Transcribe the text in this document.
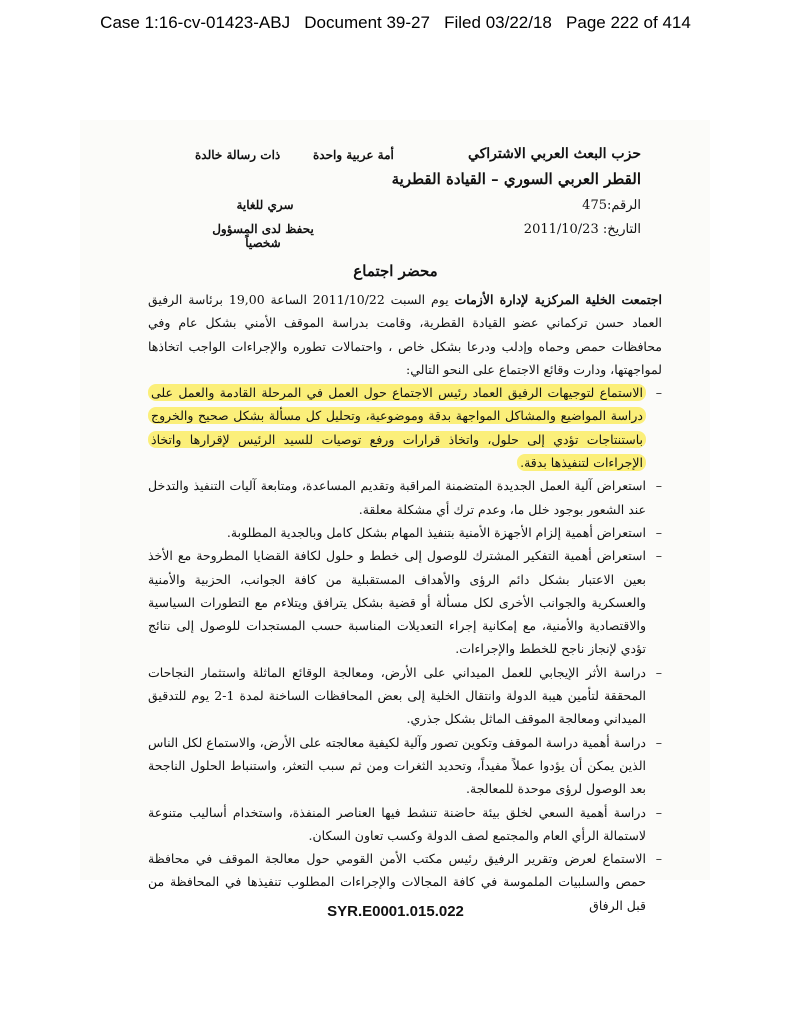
Case 1:16-cv-01423-ABJ   Document 39-27   Filed 03/22/18   Page 222 of 414
حزب البعث العربي الاشتراكي
القطر العربي السوري – القيادة القطرية
الرقم:475
التاريخ: 2011/10/23
أمة عربية واحدة
ذات رسالة خالدة
سري للغاية
يحفظ لدى المسؤول شخصياً
محضر اجتماع

اجتمعت الخلية المركزية لإدارة الأزمات يوم السبت 2011/10/22 الساعة 19,00 برئاسة الرفيق العماد حسن تركماني عضو القيادة القطرية، وقامت بدراسة الموقف الأمني بشكل عام وفي محافظات حمص وحماه وإدلب ودرعا بشكل خاص ، واحتمالات تطوره والإجراءات الواجب اتخاذها لمواجهتها، ودارت وقائع الاجتماع على النحو التالي:

– الاستماع لتوجيهات الرفيق العماد رئيس الاجتماع حول العمل في المرحلة القادمة والعمل على دراسة المواضيع والمشاكل المواجهة بدقة وموضوعية، وتحليل كل مسألة بشكل صحيح والخروج باستنتاجات تؤدي إلى حلول، واتخاذ قرارات ورفع توصيات للسيد الرئيس لإقرارها واتخاذ الإجراءات لتنفيذها بدقة.
– استعراض آلية العمل الجديدة المتضمنة المراقبة وتقديم المساعدة، ومتابعة آليات التنفيذ والتدخل عند الشعور بوجود خلل ما، وعدم ترك أي مشكلة معلقة.
– استعراض أهمية إلزام الأجهزة الأمنية بتنفيذ المهام بشكل كامل وبالجدية المطلوبة.
– استعراض أهمية التفكير المشترك للوصول إلى خطط و حلول لكافة القضايا المطروحة مع الأخذ بعين الاعتبار بشكل دائم الرؤى والأهداف المستقبلية من كافة الجوانب، الحزبية والأمنية والعسكرية والجوانب الأخرى لكل مسألة أو قضية بشكل يترافق ويتلاءم مع التطورات السياسية والاقتصادية والأمنية، مع إمكانية إجراء التعديلات المناسبة حسب المستجدات للوصول إلى نتائج تؤدي لإنجاز ناجح للخطط والإجراءات.
– دراسة الأثر الإيجابي للعمل الميداني على الأرض، ومعالجة الوقائع الماثلة واستثمار النجاحات المحققة لتأمين هيبة الدولة وانتقال الخلية إلى بعض المحافظات الساخنة لمدة 1-2 يوم للتدقيق الميداني ومعالجة الموقف الماثل بشكل جذري.
– دراسة أهمية دراسة الموقف وتكوين تصور وآلية لكيفية معالجته على الأرض، والاستماع لكل الناس الذين يمكن أن يؤدوا عملاً مفيداً، وتحديد الثغرات ومن ثم سبب التعثر، واستنباط الحلول الناجحة بعد الوصول لرؤى موحدة للمعالجة.
– دراسة أهمية السعي لخلق بيئة حاضنة تنشط فيها العناصر المنفذة، واستخدام أساليب متنوعة لاستمالة الرأي العام والمجتمع لصف الدولة وكسب تعاون السكان.
– الاستماع لعرض وتقرير الرفيق رئيس مكتب الأمن القومي حول معالجة الموقف في محافظة حمص والسلبيات الملموسة في كافة المجالات والإجراءات المطلوب تنفيذها في المحافظة من قبل الرفاق
SYR.E0001.015.022
